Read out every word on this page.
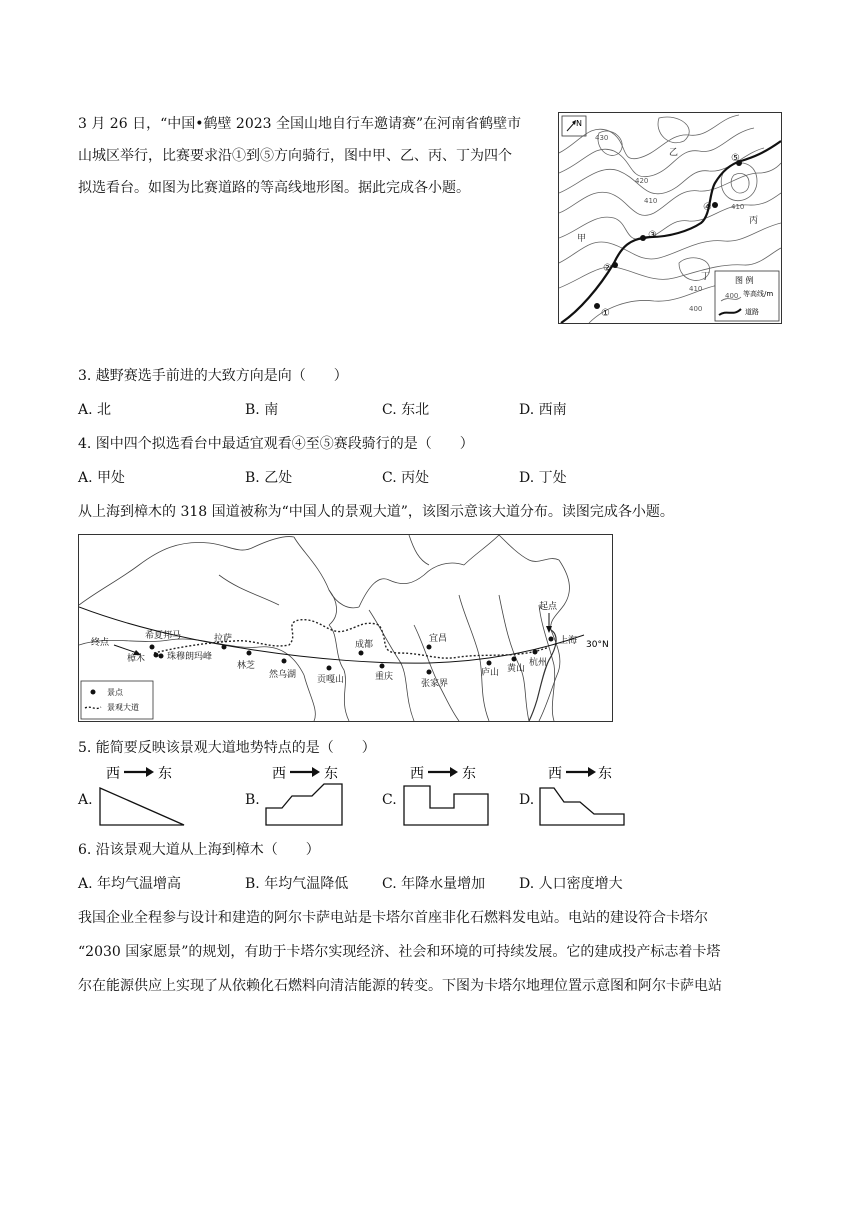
3 月 26 日，“中国•鹤壁 2023 全国山地自行车邀请赛”在河南省鹤壁市
山城区举行，比赛要求沿①到⑤方向骑行，图中甲、乙、丙、丁为四个
拟选看台。如图为比赛道路的等高线地形图。据此完成各小题。
N
430
420
410
410
410
400
甲
乙
丙
丁
①
②
③
④
⑤
图 例
400 等高线/m
道路
3. 越野赛选手前进的大致方向是向（　　）
A. 北	B. 南	C. 东北	D. 西南
4. 图中四个拟选看台中最适宜观看④至⑤赛段骑行的是（　　）
A. 甲处	B. 乙处	C. 丙处	D. 丁处
从上海到樟木的 318 国道被称为“中国人的景观大道”，该图示意该大道分布。读图完成各小题。
30°N
起点
终点
希夏邦马
樟木 珠穆朗玛峰
拉萨
林芝
然乌湖 贡嘎山
成都
重庆
宜昌
张家界
庐山 黄山
杭州
上海
景点
景观大道
5. 能简要反映该景观大道地势特点的是（　　）
A.
西	东
B.
西	东
C.
西	东
D.
西	东
6. 沿该景观大道从上海到樟木（　　）
A. 年均气温增高	B. 年均气温降低 C. 年降水量增加 D. 人口密度增大
我国企业全程参与设计和建造的阿尔卡萨电站是卡塔尔首座非化石燃料发电站。电站的建设符合卡塔尔
“2030 国家愿景”的规划，有助于卡塔尔实现经济、社会和环境的可持续发展。它的建成投产标志着卡塔
尔在能源供应上实现了从依赖化石燃料向清洁能源的转变。下图为卡塔尔地理位置示意图和阿尔卡萨电站
